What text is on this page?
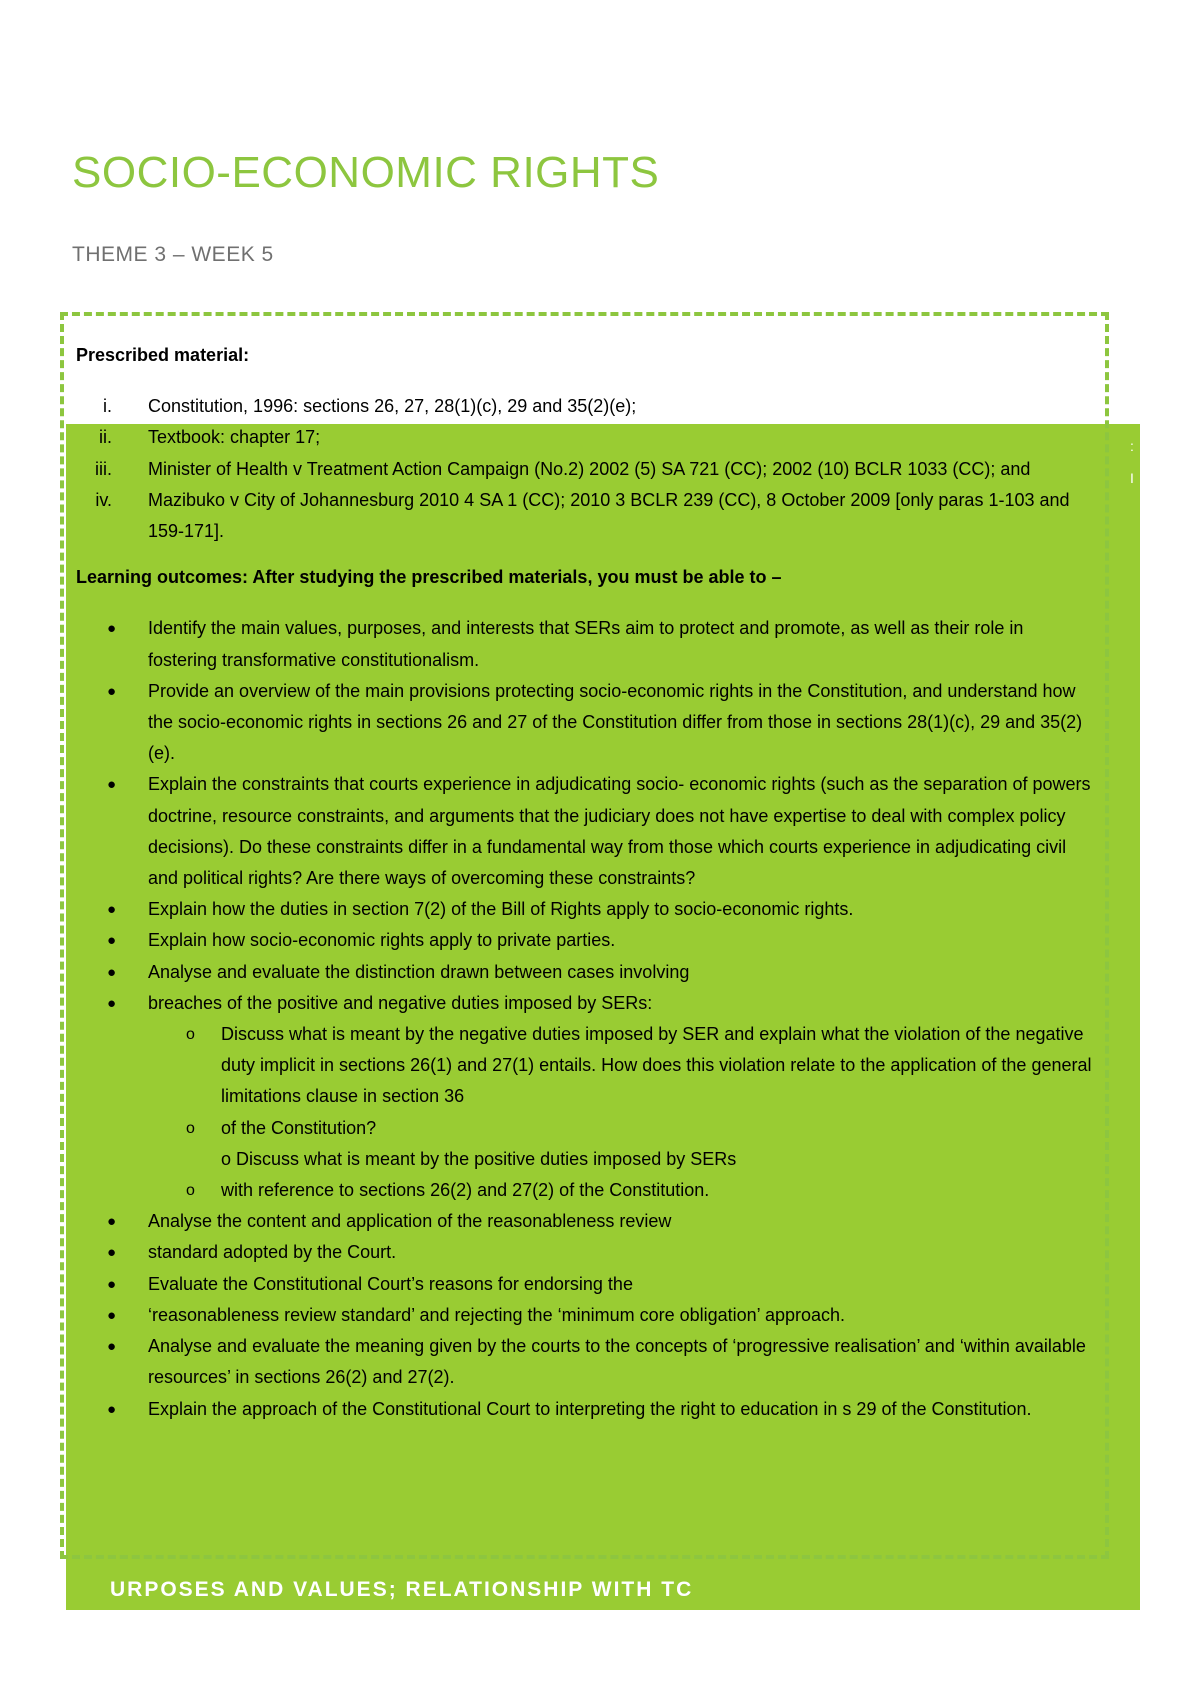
SOCIO-ECONOMIC RIGHTS
THEME 3 – WEEK 5
:
I

Prescribed material:

i. Constitution, 1996: sections 26, 27, 28(1)(c), 29 and 35(2)(e);
ii. Textbook: chapter 17;
iii. Minister of Health v Treatment Action Campaign (No.2) 2002 (5) SA 721 (CC); 2002 (10) BCLR 1033 (CC); and
iv. Mazibuko v City of Johannesburg 2010 4 SA 1 (CC); 2010 3 BCLR 239 (CC), 8 October 2009 [only paras 1-103 and 159-171].

Learning outcomes: After studying the prescribed materials, you must be able to –

● Identify the main values, purposes, and interests that SERs aim to protect and promote, as well as their role in fostering transformative constitutionalism.
● Provide an overview of the main provisions protecting socio-economic rights in the Constitution, and understand how the socio-economic rights in sections 26 and 27 of the Constitution differ from those in sections 28(1)(c), 29 and 35(2)(e).
● Explain the constraints that courts experience in adjudicating socio- economic rights (such as the separation of powers doctrine, resource constraints, and arguments that the judiciary does not have expertise to deal with complex policy decisions). Do these constraints differ in a fundamental way from those which courts experience in adjudicating civil and political rights? Are there ways of overcoming these constraints?
● Explain how the duties in section 7(2) of the Bill of Rights apply to socio-economic rights.
● Explain how socio-economic rights apply to private parties.
● Analyse and evaluate the distinction drawn between cases involving
● breaches of the positive and negative duties imposed by SERs:
o Discuss what is meant by the negative duties imposed by SER and explain what the violation of the negative duty implicit in sections 26(1) and 27(1) entails. How does this violation relate to the application of the general limitations clause in section 36
o of the Constitution?
o Discuss what is meant by the positive duties imposed by SERs
o with reference to sections 26(2) and 27(2) of the Constitution.
● Analyse the content and application of the reasonableness review
● standard adopted by the Court.
● Evaluate the Constitutional Court’s reasons for endorsing the
● ‘reasonableness review standard’ and rejecting the ‘minimum core obligation’ approach.
● Analyse and evaluate the meaning given by the courts to the concepts of ‘progressive realisation’ and ‘within available resources’ in sections 26(2) and 27(2).
● Explain the approach of the Constitutional Court to interpreting the right to education in s 29 of the Constitution.
URPOSES AND VALUES; RELATIONSHIP WITH TC
